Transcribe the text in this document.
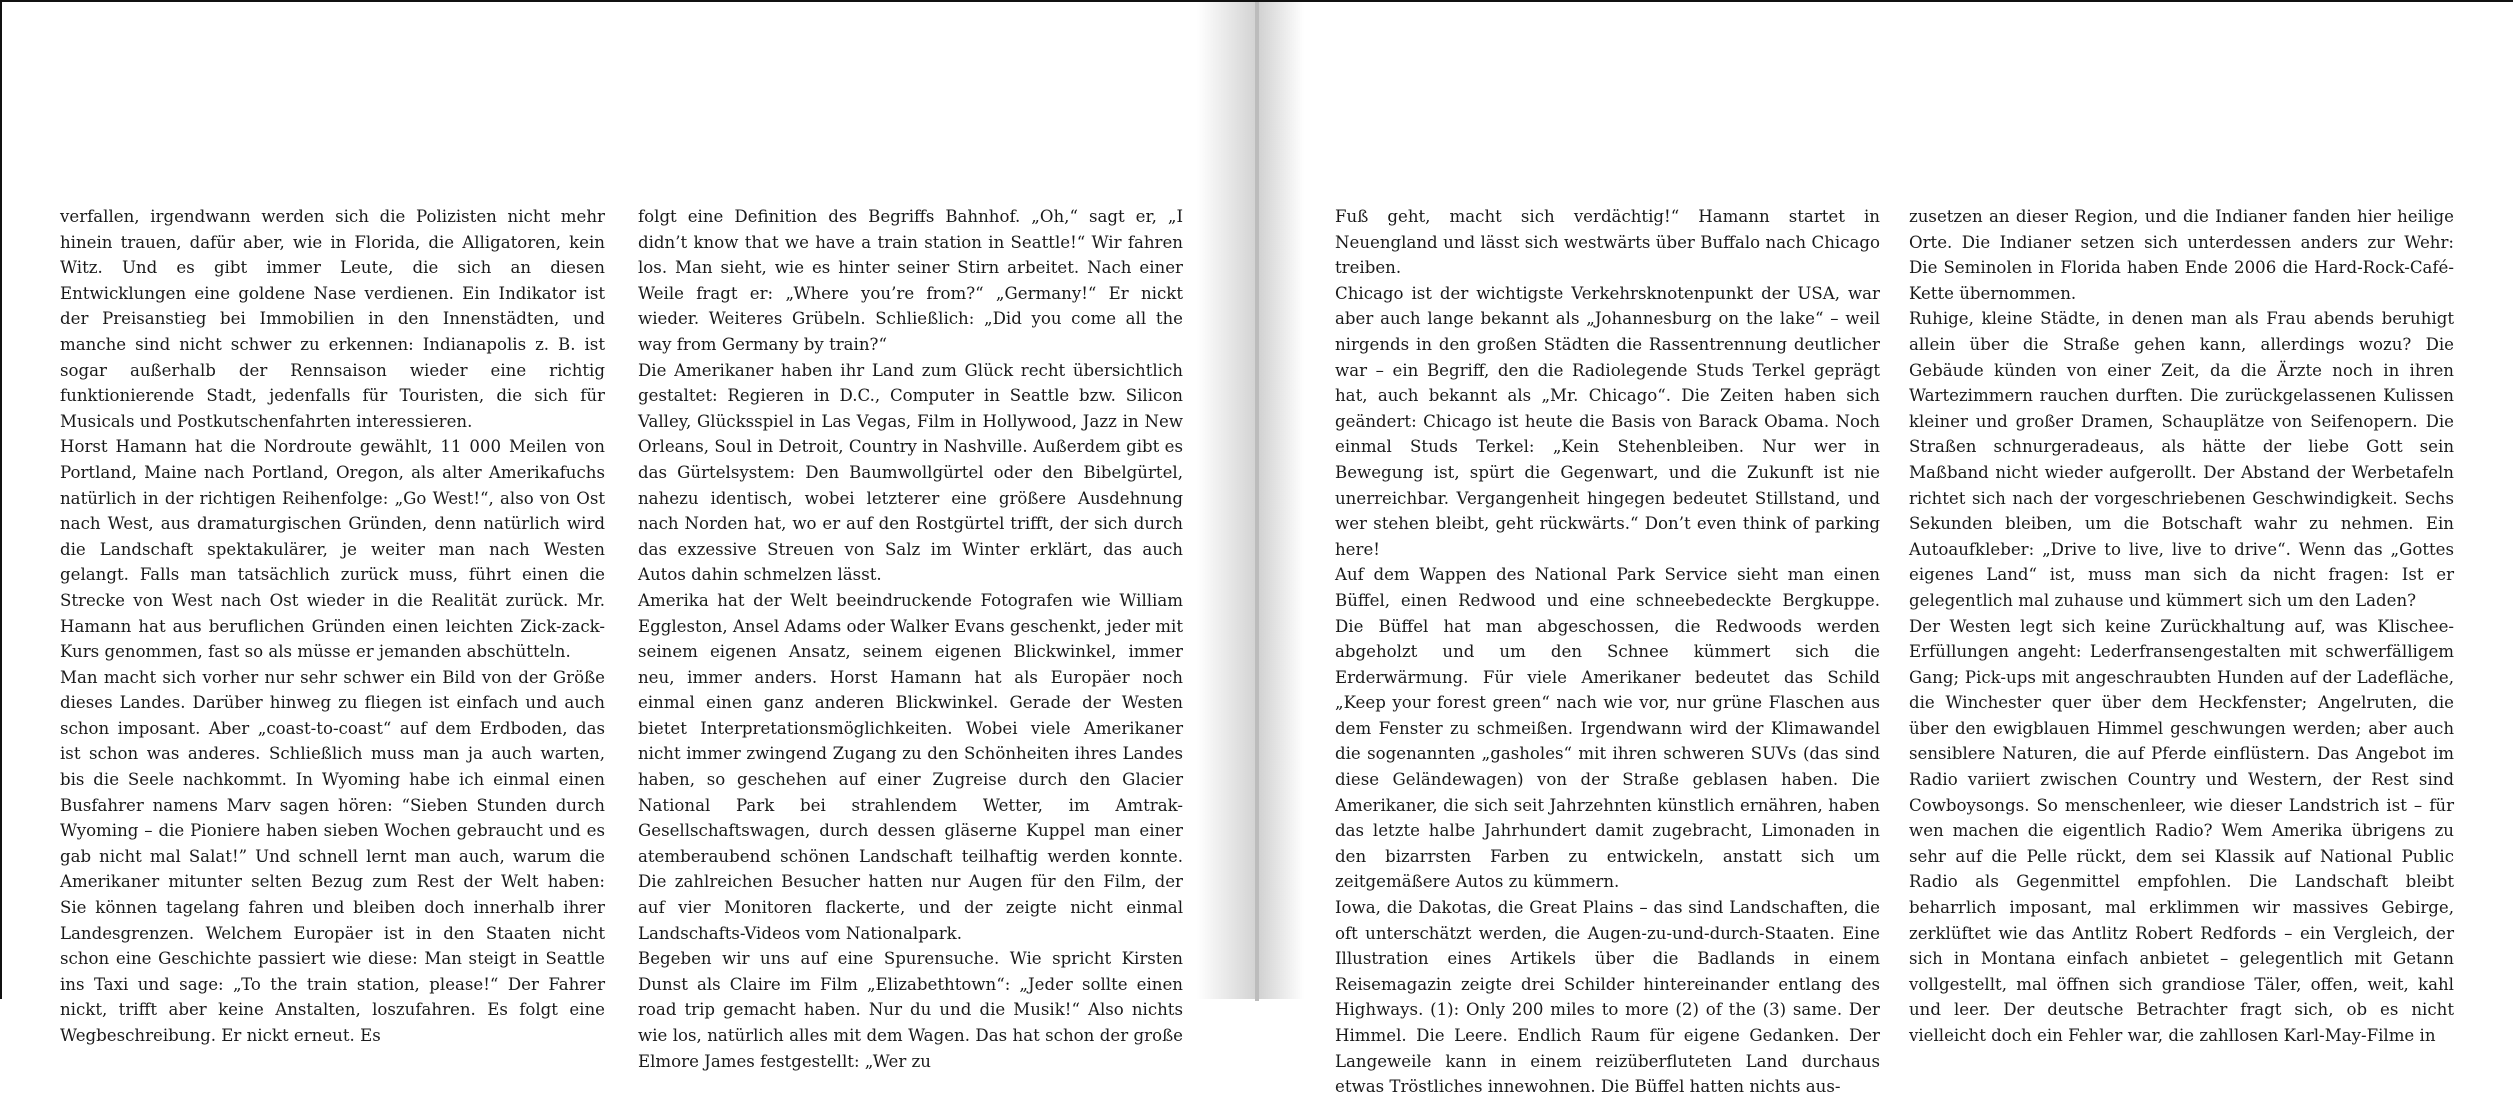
verfallen, irgendwann werden sich die Polizisten nicht mehr hinein trauen, dafür aber, wie in Florida, die Alligatoren, kein Witz. Und es gibt immer Leute, die sich an diesen Entwicklungen eine goldene Nase verdienen. Ein Indikator ist der Preisanstieg bei Immobilien in den Innenstädten, und manche sind nicht schwer zu erkennen: Indianapolis z. B. ist sogar außerhalb der Rennsaison wieder eine richtig funktionierende Stadt, jedenfalls für Touristen, die sich für Musicals und Postkutschenfahrten interessieren.

Horst Hamann hat die Nordroute gewählt, 11 000 Meilen von Portland, Maine nach Portland, Oregon, als alter Amerikafuchs natürlich in der richtigen Reihenfolge: „Go West!“, also von Ost nach West, aus dramaturgischen Gründen, denn natürlich wird die Landschaft spektakulärer, je weiter man nach Westen gelangt. Falls man tatsächlich zurück muss, führt einen die Strecke von West nach Ost wieder in die Realität zurück. Mr. Hamann hat aus beruflichen Gründen einen leichten Zick-zack-Kurs genommen, fast so als müsse er jemanden abschütteln.

Man macht sich vorher nur sehr schwer ein Bild von der Größe dieses Landes. Darüber hinweg zu fliegen ist einfach und auch schon imposant. Aber „coast-to-coast“ auf dem Erdboden, das ist schon was anderes. Schließlich muss man ja auch warten, bis die Seele nachkommt. In Wyoming habe ich einmal einen Busfahrer namens Marv sagen hören: “Sieben Stunden durch Wyoming – die Pioniere haben sieben Wochen gebraucht und es gab nicht mal Salat!” Und schnell lernt man auch, warum die Amerikaner mitunter selten Bezug zum Rest der Welt haben: Sie können tagelang fahren und bleiben doch innerhalb ihrer Landesgrenzen. Welchem Europäer ist in den Staaten nicht schon eine Geschichte passiert wie diese: Man steigt in Seattle ins Taxi und sage: „To the train station, please!“ Der Fahrer nickt, trifft aber keine Anstalten, loszufahren. Es folgt eine Wegbeschreibung. Er nickt erneut. Es

folgt eine Definition des Begriffs Bahnhof. „Oh,“ sagt er, „I didn’t know that we have a train station in Seattle!“ Wir fahren los. Man sieht, wie es hinter seiner Stirn arbeitet. Nach einer Weile fragt er: „Where you’re from?“ „Germany!“ Er nickt wieder. Weiteres Grübeln. Schließlich: „Did you come all the way from Germany by train?“

Die Amerikaner haben ihr Land zum Glück recht übersichtlich gestaltet: Regieren in D.C., Computer in Seattle bzw. Silicon Valley, Glücksspiel in Las Vegas, Film in Hollywood, Jazz in New Orleans, Soul in Detroit, Country in Nashville. Außerdem gibt es das Gürtelsystem: Den Baumwollgürtel oder den Bibelgürtel, nahezu identisch, wobei letzterer eine größere Ausdehnung nach Norden hat, wo er auf den Rostgürtel trifft, der sich durch das exzessive Streuen von Salz im Winter erklärt, das auch Autos dahin schmelzen lässt.

Amerika hat der Welt beeindruckende Fotografen wie William Eggleston, Ansel Adams oder Walker Evans geschenkt, jeder mit seinem eigenen Ansatz, seinem eigenen Blickwinkel, immer neu, immer anders. Horst Hamann hat als Europäer noch einmal einen ganz anderen Blickwinkel. Gerade der Westen bietet Interpretationsmöglichkeiten. Wobei viele Amerikaner nicht immer zwingend Zugang zu den Schönheiten ihres Landes haben, so geschehen auf einer Zugreise durch den Glacier National Park bei strahlendem Wetter, im Amtrak-Gesellschaftswagen, durch dessen gläserne Kuppel man einer atemberaubend schönen Landschaft teilhaftig werden konnte. Die zahlreichen Besucher hatten nur Augen für den Film, der auf vier Monitoren flackerte, und der zeigte nicht einmal Landschafts-Videos vom Nationalpark.

Begeben wir uns auf eine Spurensuche. Wie spricht Kirsten Dunst als Claire im Film „Elizabethtown“: „Jeder sollte einen road trip gemacht haben. Nur du und die Musik!“ Also nichts wie los, natürlich alles mit dem Wagen. Das hat schon der große Elmore James festgestellt: „Wer zu

Fuß geht, macht sich verdächtig!“ Hamann startet in Neuengland und lässt sich westwärts über Buffalo nach Chicago treiben.

Chicago ist der wichtigste Verkehrsknotenpunkt der USA, war aber auch lange bekannt als „Johannesburg on the lake“ – weil nirgends in den großen Städten die Rassentrennung deutlicher war – ein Begriff, den die Radiolegende Studs Terkel geprägt hat, auch bekannt als „Mr. Chicago“. Die Zeiten haben sich geändert: Chicago ist heute die Basis von Barack Obama. Noch einmal Studs Terkel: „Kein Stehenbleiben. Nur wer in Bewegung ist, spürt die Gegenwart, und die Zukunft ist nie unerreichbar. Vergangenheit hingegen bedeutet Stillstand, und wer stehen bleibt, geht rückwärts.“ Don’t even think of parking here!

Auf dem Wappen des National Park Service sieht man einen Büffel, einen Redwood und eine schneebedeckte Bergkuppe. Die Büffel hat man abgeschossen, die Redwoods werden abgeholzt und um den Schnee kümmert sich die Erderwärmung. Für viele Amerikaner bedeutet das Schild „Keep your forest green“ nach wie vor, nur grüne Flaschen aus dem Fenster zu schmeißen. Irgendwann wird der Klimawandel die sogenannten „gasholes“ mit ihren schweren SUVs (das sind diese Geländewagen) von der Straße geblasen haben. Die Amerikaner, die sich seit Jahrzehnten künstlich ernähren, haben das letzte halbe Jahrhundert damit zugebracht, Limonaden in den bizarrsten Farben zu entwickeln, anstatt sich um zeitgemäßere Autos zu kümmern.

Iowa, die Dakotas, die Great Plains – das sind Landschaften, die oft unterschätzt werden, die Augen-zu-und-durch-Staaten. Eine Illustration eines Artikels über die Badlands in einem Reisemagazin zeigte drei Schilder hintereinander entlang des Highways. (1): Only 200 miles to more (2) of the (3) same. Der Himmel. Die Leere. Endlich Raum für eigene Gedanken. Der Langeweile kann in einem reizüberfluteten Land durchaus etwas Tröstliches innewohnen. Die Büffel hatten nichts aus-

zusetzen an dieser Region, und die Indianer fanden hier heilige Orte. Die Indianer setzen sich unterdessen anders zur Wehr: Die Seminolen in Florida haben Ende 2006 die Hard-Rock-Café-Kette übernommen.

Ruhige, kleine Städte, in denen man als Frau abends beruhigt allein über die Straße gehen kann, allerdings wozu? Die Gebäude künden von einer Zeit, da die Ärzte noch in ihren Wartezimmern rauchen durften. Die zurückgelassenen Kulissen kleiner und großer Dramen, Schauplätze von Seifenopern. Die Straßen schnurgeradeaus, als hätte der liebe Gott sein Maßband nicht wieder aufgerollt. Der Abstand der Werbetafeln richtet sich nach der vorgeschriebenen Geschwindigkeit. Sechs Sekunden bleiben, um die Botschaft wahr zu nehmen. Ein Autoaufkleber: „Drive to live, live to drive“. Wenn das „Gottes eigenes Land“ ist, muss man sich da nicht fragen: Ist er gelegentlich mal zuhause und kümmert sich um den Laden?

Der Westen legt sich keine Zurückhaltung auf, was Klischee-Erfüllungen angeht: Lederfransengestalten mit schwerfälligem Gang; Pick-ups mit angeschraubten Hunden auf der Ladefläche, die Winchester quer über dem Heckfenster; Angelruten, die über den ewigblauen Himmel geschwungen werden; aber auch sensiblere Naturen, die auf Pferde einflüstern. Das Angebot im Radio variiert zwischen Country und Western, der Rest sind Cowboysongs. So menschenleer, wie dieser Landstrich ist – für wen machen die eigentlich Radio? Wem Amerika übrigens zu sehr auf die Pelle rückt, dem sei Klassik auf National Public Radio als Gegenmittel empfohlen. Die Landschaft bleibt beharrlich imposant, mal erklimmen wir massives Gebirge, zerklüftet wie das Antlitz Robert Redfords – ein Vergleich, der sich in Montana einfach anbietet – gelegentlich mit Getann vollgestellt, mal öffnen sich grandiose Täler, offen, weit, kahl und leer. Der deutsche Betrachter fragt sich, ob es nicht vielleicht doch ein Fehler war, die zahllosen Karl-May-Filme in
